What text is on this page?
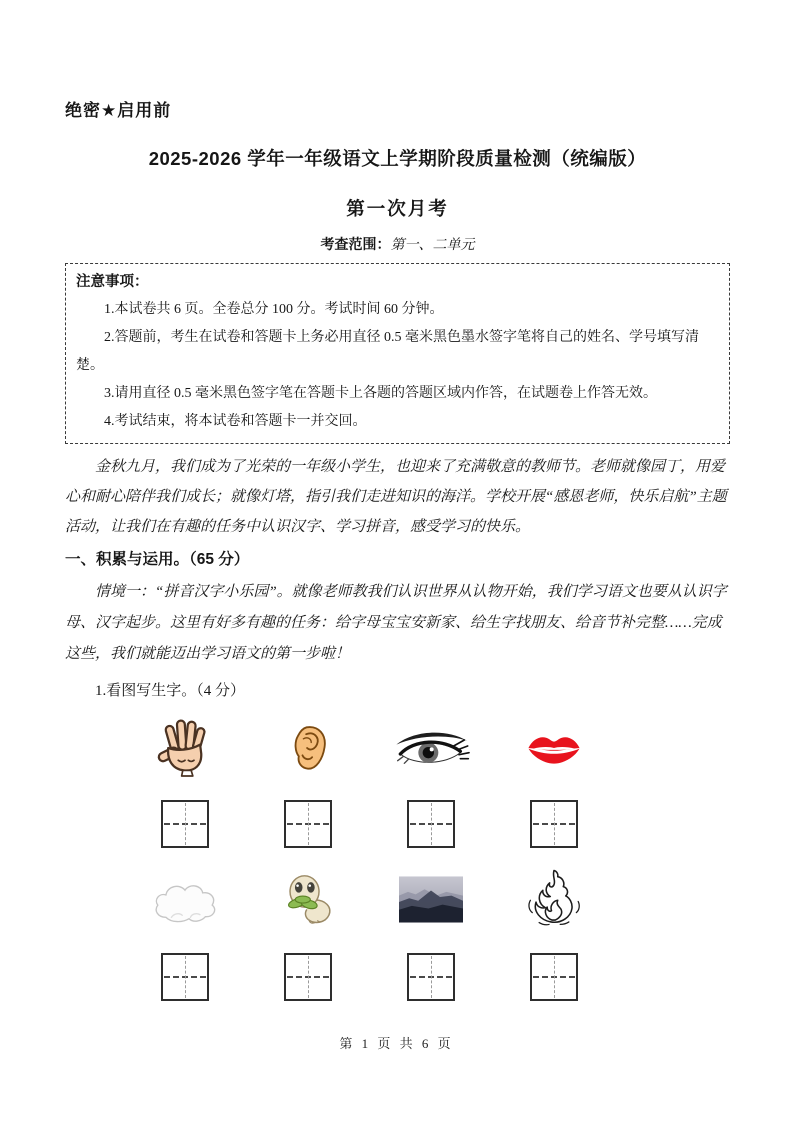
绝密★启用前
2025-2026 学年一年级语文上学期阶段质量检测（统编版）
第一次月考
考查范围：第一、二单元
注意事项：

1.本试卷共 6 页。全卷总分 100 分。考试时间 60 分钟。

2.答题前，考生在试卷和答题卡上务必用直径 0.5 毫米黑色墨水签字笔将自己的姓名、学号填写清楚。

3.请用直径 0.5 毫米黑色签字笔在答题卡上各题的答题区域内作答，在试题卷上作答无效。

4.考试结束，将本试卷和答题卡一并交回。

金秋九月，我们成为了光荣的一年级小学生，也迎来了充满敬意的教师节。老师就像园丁，用爱心和耐心陪伴我们成长；就像灯塔，指引我们走进知识的海洋。学校开展“感恩老师，快乐启航”主题活动，让我们在有趣的任务中认识汉字、学习拼音，感受学习的快乐。

一、积累与运用。（65 分）

情境一：“拼音汉字小乐园”。就像老师教我们认识世界从认物开始，我们学习语文也要从认识字母、汉字起步。这里有好多有趣的任务：给字母宝宝安新家、给生字找朋友、给音节补完整……完成这些，我们就能迈出学习语文的第一步啦！

1.看图写生字。（4 分）

第 1 页 共 6 页
